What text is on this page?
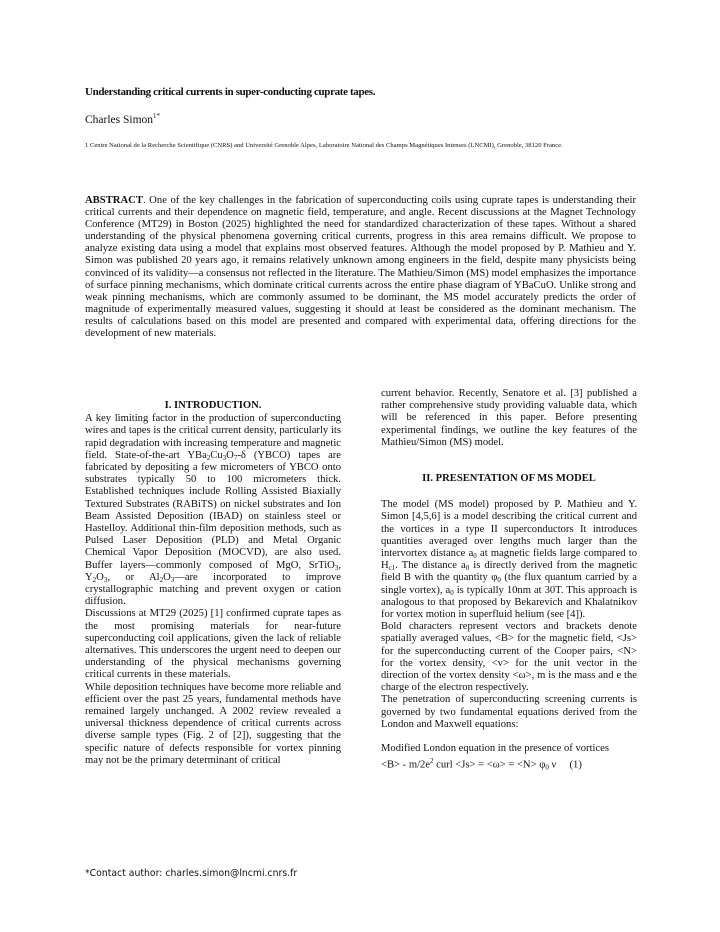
Understanding critical currents in super-conducting cuprate tapes.
Charles Simon$^{1*}$
1 Centre National de la Recherche Scientifique (CNRS) and Université Grenoble Alpes, Laboratoire National des Champs Magnétiques Intenses (LNCMI), Grenoble, 38120 France.
ABSTRACT. One of the key challenges in the fabrication of superconducting coils using cuprate tapes is understanding their critical currents and their dependence on magnetic field, temperature, and angle. Recent discussions at the Magnet Technology Conference (MT29) in Boston (2025) highlighted the need for standardized characterization of these tapes. Without a shared understanding of the physical phenomena governing critical currents, progress in this area remains difficult. We propose to analyze existing data using a model that explains most observed features. Although the model proposed by P. Mathieu and Y. Simon was published 20 years ago, it remains relatively unknown among engineers in the field, despite many physicists being convinced of its validity—a consensus not reflected in the literature. The Mathieu/Simon (MS) model emphasizes the importance of surface pinning mechanisms, which dominate critical currents across the entire phase diagram of YBaCuO. Unlike strong and weak pinning mechanisms, which are commonly assumed to be dominant, the MS model accurately predicts the order of magnitude of experimentally measured values, suggesting it should at least be considered as the dominant mechanism. The results of calculations based on this model are presented and compared with experimental data, offering directions for the development of new materials.
I. INTRODUCTION.

A key limiting factor in the production of superconducting wires and tapes is the critical current density, particularly its rapid degradation with increasing temperature and magnetic field. State-of-the-art $YBa_2Cu_3O_7-\delta$ (YBCO) tapes are fabricated by depositing a few micrometers of YBCO onto substrates typically 50 to 100 micrometers thick. Established techniques include Rolling Assisted Biaxially Textured Substrates (RABiTS) on nickel substrates and Ion Beam Assisted Deposition (IBAD) on stainless steel or Hastelloy. Additional thin-film deposition methods, such as Pulsed Laser Deposition (PLD) and Metal Organic Chemical Vapor Deposition (MOCVD), are also used. Buffer layers—commonly composed of MgO, SrTiO$_3$, $Y_2O_3$, or $Al_2O_3—are$ incorporated to improve crystallographic matching and prevent oxygen or cation diffusion.

Discussions at MT29 (2025) [1] confirmed cuprate tapes as the most promising materials for near-future superconducting coil applications, given the lack of reliable alternatives. This underscores the urgent need to deepen our understanding of the physical mechanisms governing critical currents in these materials.

While deposition techniques have become more reliable and efficient over the past 25 years, fundamental methods have remained largely unchanged. A 2002 review revealed a universal thickness dependence of critical currents across diverse sample types (Fig. 2 of [2]), suggesting that the specific nature of defects responsible for vortex pinning may not be the primary determinant of critical

current behavior. Recently, Senatore et al. [3] published a rather comprehensive study providing valuable data, which will be referenced in this paper. Before presenting experimental findings, we outline the key features of the Mathieu/Simon (MS) model.

II. PRESENTATION OF MS MODEL

The model (MS model) proposed by P. Mathieu and Y. Simon [4,5,6] is a model describing the critical current and the vortices in a type II superconductors It introduces quantities averaged over lengths much larger than the intervortex distance $a_0$ at magnetic fields large compared to $H_{c1}$. The distance $a_0$ is directly derived from the magnetic field B with the quantity $\varphi_0$ (the flux quantum carried by a single vortex), $a_0$ is typically 10nm at 30T. This approach is analogous to that proposed by Bekarevich and Khalatnikov for vortex motion in superfluid helium (see [4]).

Bold characters represent vectors and brackets denote spatially averaged values, <B> for the magnetic field, <Js> for the superconducting current of the Cooper pairs, <N> for the vortex density, <v> for the unit vector in the direction of the vortex density <ω>, m is the mass and e the charge of the electron respectively.

The penetration of superconducting screening currents is governed by two fundamental equations derived from the London and Maxwell equations:

Modified London equation in the presence of vortices

$<B> - m/2e^2$ curl $<Js> = <\omega> = <N> \varphi_0$ ν     (1)

*Contact author: charles.simon@lncmi.cnrs.fr
